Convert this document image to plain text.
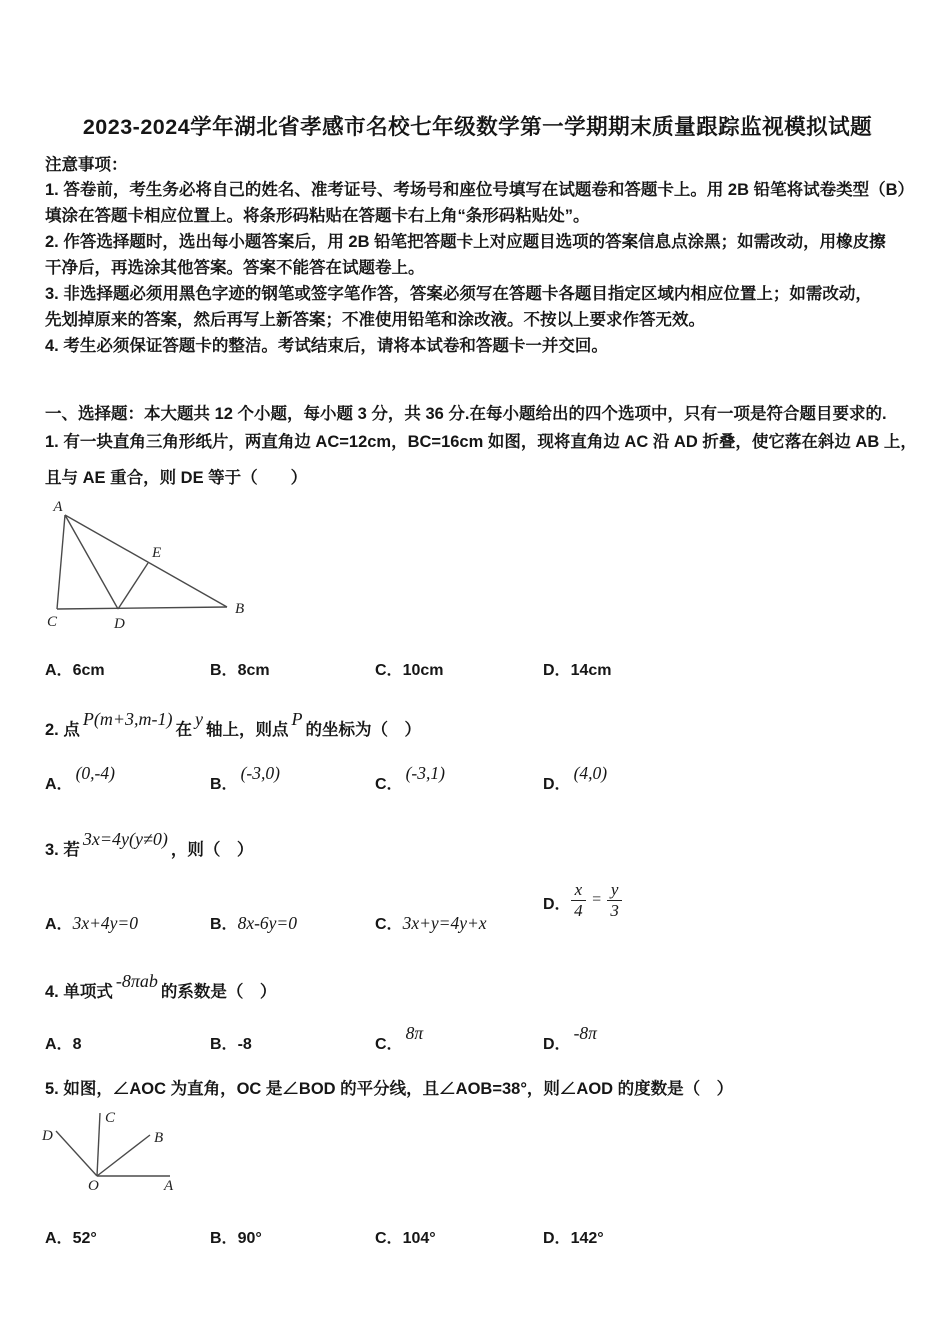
2023-2024学年湖北省孝感市名校七年级数学第一学期期末质量跟踪监视模拟试题
注意事项：
1. 答卷前，考生务必将自己的姓名、准考证号、考场号和座位号填写在试题卷和答题卡上。用 2B 铅笔将试卷类型（B）
填涂在答题卡相应位置上。将条形码粘贴在答题卡右上角“条形码粘贴处”。
2. 作答选择题时，选出每小题答案后，用 2B 铅笔把答题卡上对应题目选项的答案信息点涂黑；如需改动，用橡皮擦
干净后，再选涂其他答案。答案不能答在试题卷上。
3. 非选择题必须用黑色字迹的钢笔或签字笔作答，答案必须写在答题卡各题目指定区域内相应位置上；如需改动，
先划掉原来的答案，然后再写上新答案；不准使用铅笔和涂改液。不按以上要求作答无效。
4. 考生必须保证答题卡的整洁。考试结束后，请将本试卷和答题卡一并交回。
一、选择题：本大题共 12 个小题，每小题 3 分，共 36 分.在每小题给出的四个选项中，只有一项是符合题目要求的.
1. 有一块直角三角形纸片，两直角边 AC=12cm，BC=16cm 如图，现将直角边 AC 沿 AD 折叠，使它落在斜边 AB 上，
且与 AE 重合，则 DE 等于（　　）
A
B
C	D
E
A．6cm	B．8cm	C．10cm	D．14cm
2. 点P(m+3,m-1)在y轴上，则点P的坐标为（　）
A．(0,-4)
B．(-3,0)
C．(-3,1)
D．(4,0)
3. 若3x=4y(y≠0)，则（　）
A．3x+4y=0	B．8x-6y=0	C．3x+y=4y+x
D． $\frac{x}{4} = \frac{y}{3}$
4. 单项式-8πab的系数是（　）
A．8	B．-8	C．8π
D．-8π
5. 如图，∠AOC 为直角，OC 是∠BOD 的平分线，且∠AOB=38°，则∠AOD 的度数是（　）
C
D	B
A
O
A．52°	B．90°	C．104°	D．142°
